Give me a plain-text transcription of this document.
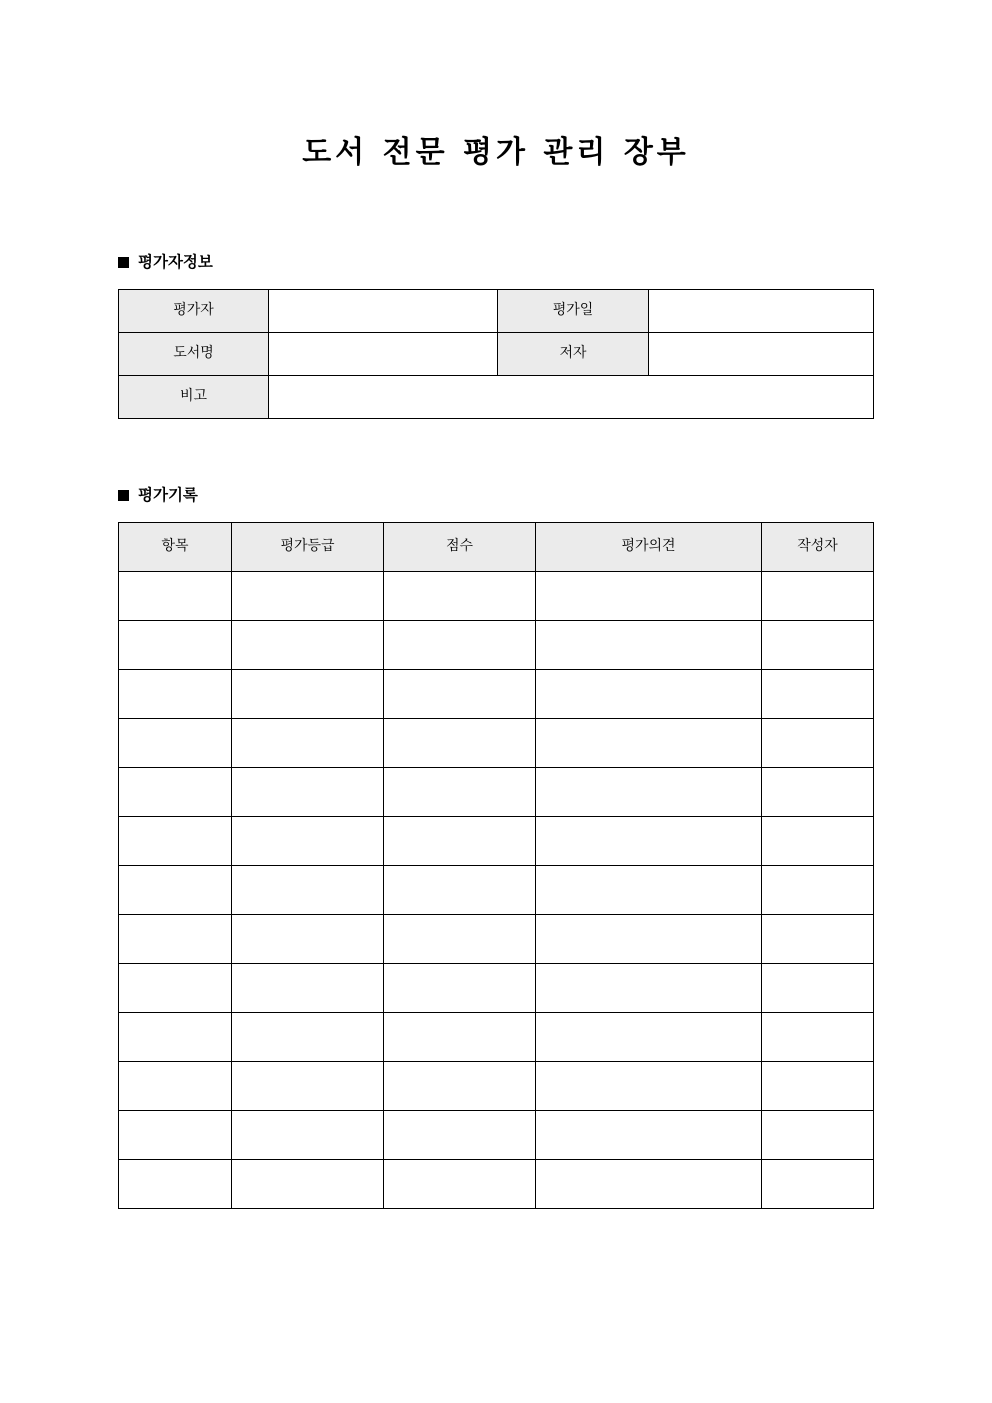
도서 전문 평가 관리 장부
평가자정보
평가자		평가일	
도서명		저자	
비고			
평가기록
항목	평가등급	점수	평가의견	작성자
